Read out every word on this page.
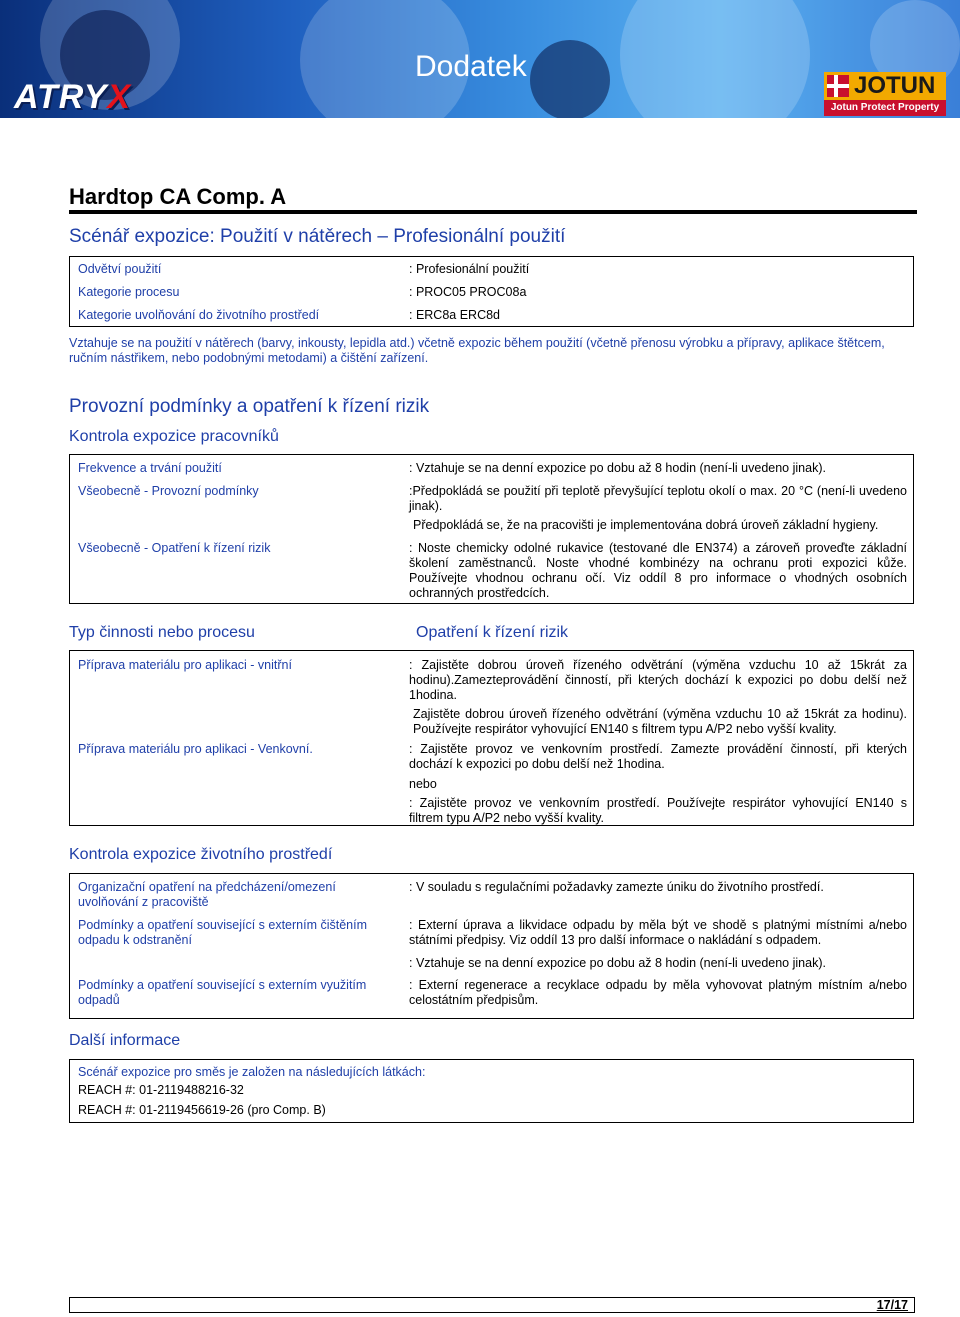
ATRYX
Dodatek
JOTUN
Jotun Protect Property
Hardtop CA Comp. A
Scénář expozice: Použití v nátěrech – Profesionální použití
Odvětví použití	: Profesionální použití
Kategorie procesu	: PROC05 PROC08a
Kategorie uvolňování do životního prostředí	: ERC8a ERC8d
Vztahuje se na použití v nátěrech (barvy, inkousty, lepidla atd.) včetně expozic během použití (včetně přenosu výrobku a přípravy, aplikace štětcem, ručním nástřikem, nebo podobnými metodami) a čištění zařízení.
Provozní podmínky a opatření k řízení rizik
Kontrola expozice pracovníků
Frekvence a trvání použití	: Vztahuje se na denní expozice po dobu až 8 hodin (není-li uvedeno jinak).
Všeobecně - Provozní podmínky	:Předpokládá se použití při teplotě převyšující teplotu okolí o max. 20 °C (není-li uvedeno jinak).
Předpokládá se, že na pracovišti je implementována dobrá úroveň základní hygieny.
Všeobecně - Opatření k řízení rizik	: Noste chemicky odolné rukavice (testované dle EN374) a zároveň proveďte základní školení zaměstnanců. Noste vhodné kombinézy na ochranu proti expozici kůže. Používejte vhodnou ochranu očí. Viz oddíl 8 pro informace o vhodných osobních ochranných prostředcích.
Typ činnosti nebo procesu	Opatření k řízení rizik
Příprava materiálu pro aplikaci - vnitřní	: Zajistěte dobrou úroveň řízeného odvětrání (výměna vzduchu 10 až 15krát za hodinu).Zamezteprovádění činností, při kterých dochází k expozici po dobu delší než 1hodina.
Zajistěte dobrou úroveň řízeného odvětrání (výměna vzduchu 10 až 15krát za hodinu). Používejte respirátor vyhovující EN140 s filtrem typu A/P2 nebo vyšší kvality.
Příprava materiálu pro aplikaci - Venkovní.	: Zajistěte provoz ve venkovním prostředí. Zamezte provádění činností, při kterých dochází k expozici po dobu delší než 1hodina.
nebo
: Zajistěte provoz ve venkovním prostředí. Používejte respirátor vyhovující EN140 s filtrem typu A/P2 nebo vyšší kvality.
Kontrola expozice životního prostředí
Organizační opatření na předcházení/omezení uvolňování z pracoviště
: V souladu s regulačními požadavky zamezte úniku do životního prostředí.
Podmínky a opatření související s externím čištěním odpadu k odstranění
: Externí úprava a likvidace odpadu by měla být ve shodě s platnými místními a/nebo státními předpisy. Viz oddíl 13 pro další informace o nakládání s odpadem.
: Vztahuje se na denní expozice po dobu až 8 hodin (není-li uvedeno jinak).
Podmínky a opatření související s externím využitím odpadů
: Externí regenerace a recyklace odpadu by měla vyhovovat platným místním a/nebo celostátním předpisům.
Další informace
Scénář expozice pro směs je založen na následujících látkách:
REACH #: 01-2119488216-32
REACH #: 01-2119456619-26 (pro Comp. B)
17/17
